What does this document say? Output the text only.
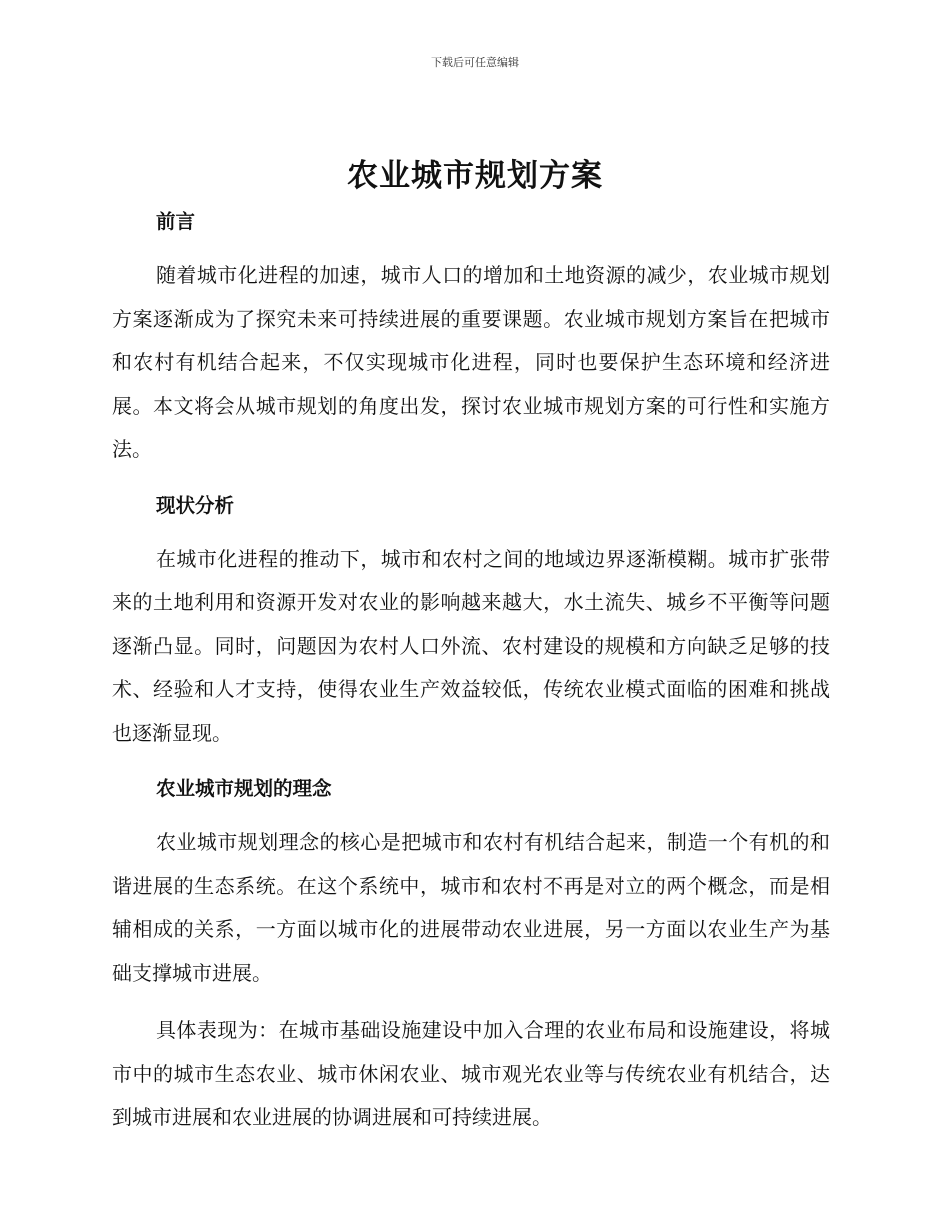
下载后可任意编辑
农业城市规划方案
前言

随着城市化进程的加速，城市人口的增加和土地资源的减少，农业城市规划方案逐渐成为了探究未来可持续进展的重要课题。农业城市规划方案旨在把城市和农村有机结合起来，不仅实现城市化进程，同时也要保护生态环境和经济进展。本文将会从城市规划的角度出发，探讨农业城市规划方案的可行性和实施方法。

现状分析

在城市化进程的推动下，城市和农村之间的地域边界逐渐模糊。城市扩张带来的土地利用和资源开发对农业的影响越来越大，水土流失、城乡不平衡等问题逐渐凸显。同时，问题因为农村人口外流、农村建设的规模和方向缺乏足够的技术、经验和人才支持，使得农业生产效益较低，传统农业模式面临的困难和挑战也逐渐显现。

农业城市规划的理念

农业城市规划理念的核心是把城市和农村有机结合起来，制造一个有机的和谐进展的生态系统。在这个系统中，城市和农村不再是对立的两个概念，而是相辅相成的关系，一方面以城市化的进展带动农业进展，另一方面以农业生产为基础支撑城市进展。

具体表现为：在城市基础设施建设中加入合理的农业布局和设施建设，将城市中的城市生态农业、城市休闲农业、城市观光农业等与传统农业有机结合，达到城市进展和农业进展的协调进展和可持续进展。
